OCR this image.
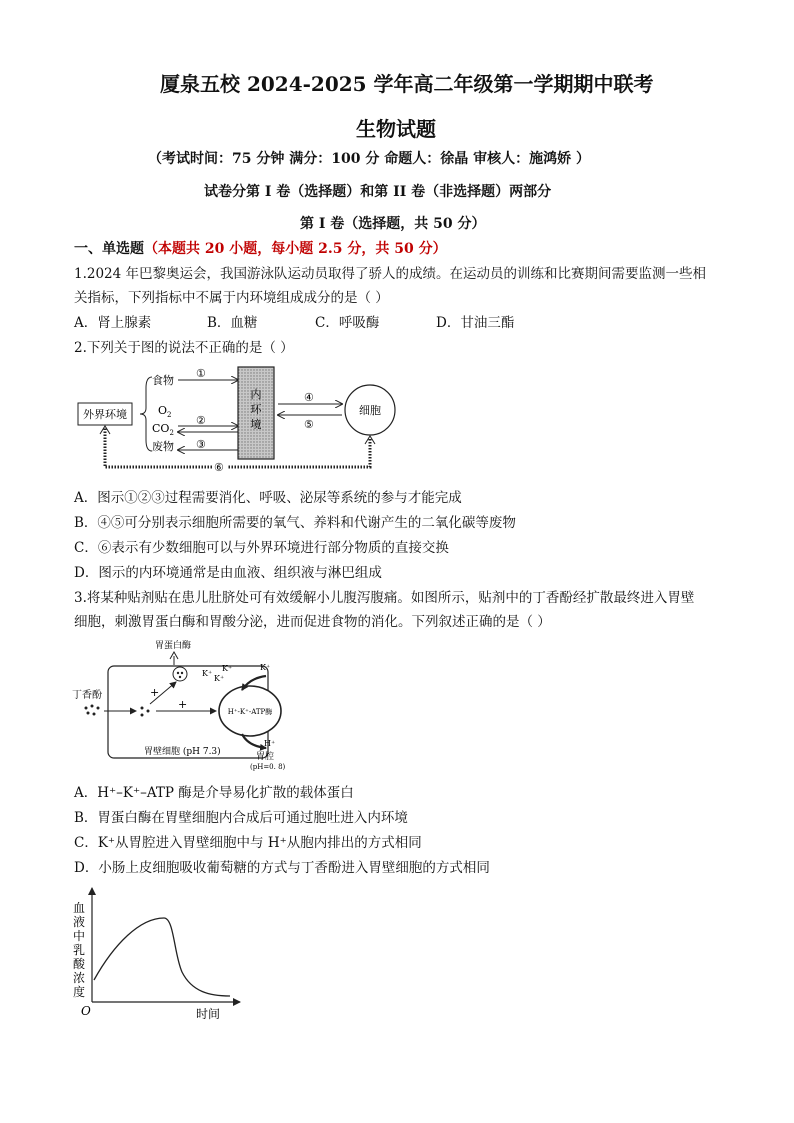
厦泉五校 2024-2025 学年高二年级第一学期期中联考
生物试题
（考试时间：75 分钟 满分：100 分 命题人：徐晶 审核人：施鸿娇 ）
试卷分第 I 卷（选择题）和第 II 卷（非选择题）两部分
第 I 卷（选择题，共 50 分）
一、单选题（本题共 20 小题，每小题 2.5 分，共 50 分）
1.2024 年巴黎奥运会，我国游泳队运动员取得了骄人的成绩。在运动员的训练和比赛期间需要监测一些相
关指标，下列指标中不属于内环境组成成分的是（ ）
A．肾上腺素	B．血糖	C．呼吸酶	D．甘油三酯
2.下列关于图的说法不正确的是（ ）
外界环境
食物
$O_2$
$CO_2$
废物
①
②
③
内
环
境
④
⑤
细胞
⑥
A．图示①②③过程需要消化、呼吸、泌尿等系统的参与才能完成
B．④⑤可分别表示细胞所需要的氧气、养料和代谢产生的二氧化碳等废物
C．⑥表示有少数细胞可以与外界环境进行部分物质的直接交换
D．图示的内环境通常是由血液、组织液与淋巴组成
3.将某种贴剂贴在患儿肚脐处可有效缓解小儿腹泻腹痛。如图所示，贴剂中的丁香酚经扩散最终进入胃壁
细胞，刺激胃蛋白酶和胃酸分泌，进而促进食物的消化。下列叙述正确的是（ ）
胃蛋白酶
丁香酚	+
+
H⁺-K⁺-ATP酶
K⁺
K⁺
K⁺
K⁺
H⁺
胃壁细胞 (pH 7.3)	胃腔
(pH=0. 8)
A．H⁺–K⁺–ATP 酶是介导易化扩散的载体蛋白
B．胃蛋白酶在胃壁细胞内合成后可通过胞吐进入内环境
C．K⁺从胃腔进入胃壁细胞中与 H⁺从胞内排出的方式相同
D．小肠上皮细胞吸收葡萄糖的方式与丁香酚进入胃壁细胞的方式相同
血
液
中
乳
酸
浓
度
O	时间
